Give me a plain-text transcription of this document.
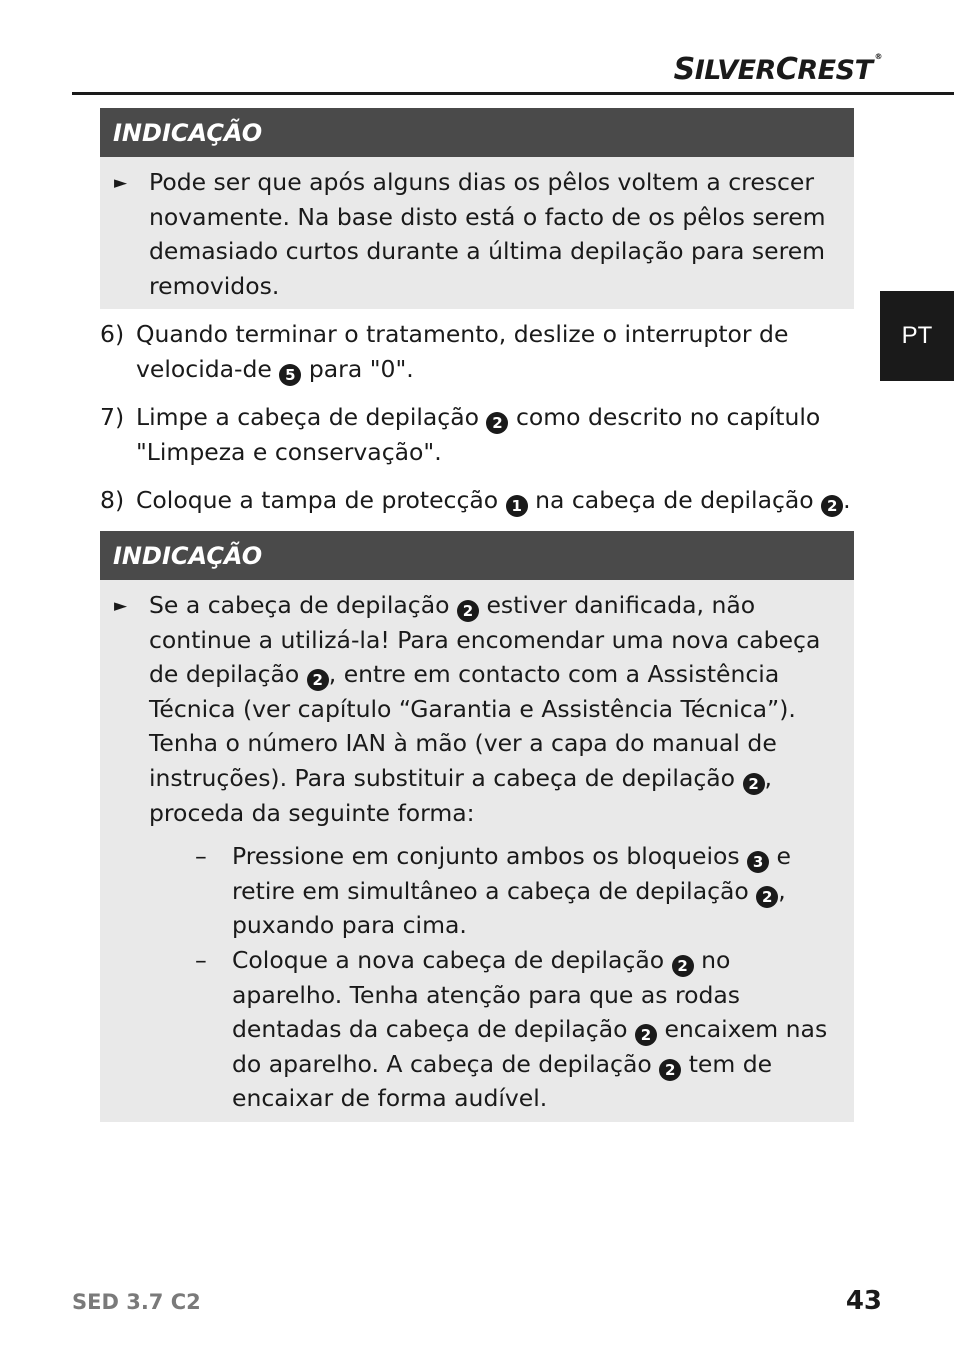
SILVERCREST ®
PT
INDICAÇÃO
► Pode ser que após alguns dias os pêlos voltem a crescer novamente. Na base disto está o facto de os pêlos serem demasiado curtos durante a última depilação para serem removidos.
6) Quando terminar o tratamento, deslize o interruptor de velocida-de 5 para "0".
7) Limpe a cabeça de depilação 2 como descrito no capítulo "Limpeza e conservação".
8) Coloque a tampa de protecção 1 na cabeça de depilação 2 .
INDICAÇÃO
► Se a cabeça de depilação 2 estiver danificada, não continue a utilizá-la! Para encomendar uma nova cabeça de depilação 2 , entre em contacto com a Assistência Técnica (ver capítulo “Garantia e Assistência Técnica”). Tenha o número IAN à mão (ver a capa do manual de instruções). Para substituir a cabeça de depilação 2 , proceda da seguinte forma:
–	Pressione em conjunto ambos os bloqueios 3 e retire em simultâneo a cabeça de depilação 2 , puxando para cima.
–	Coloque a nova cabeça de depilação 2 no aparelho. Tenha atenção para que as rodas dentadas da cabeça de depilação 2 encaixem nas do aparelho. A cabeça de depilação 2 tem de encaixar de forma audível.
SED 3.7 C2	43
